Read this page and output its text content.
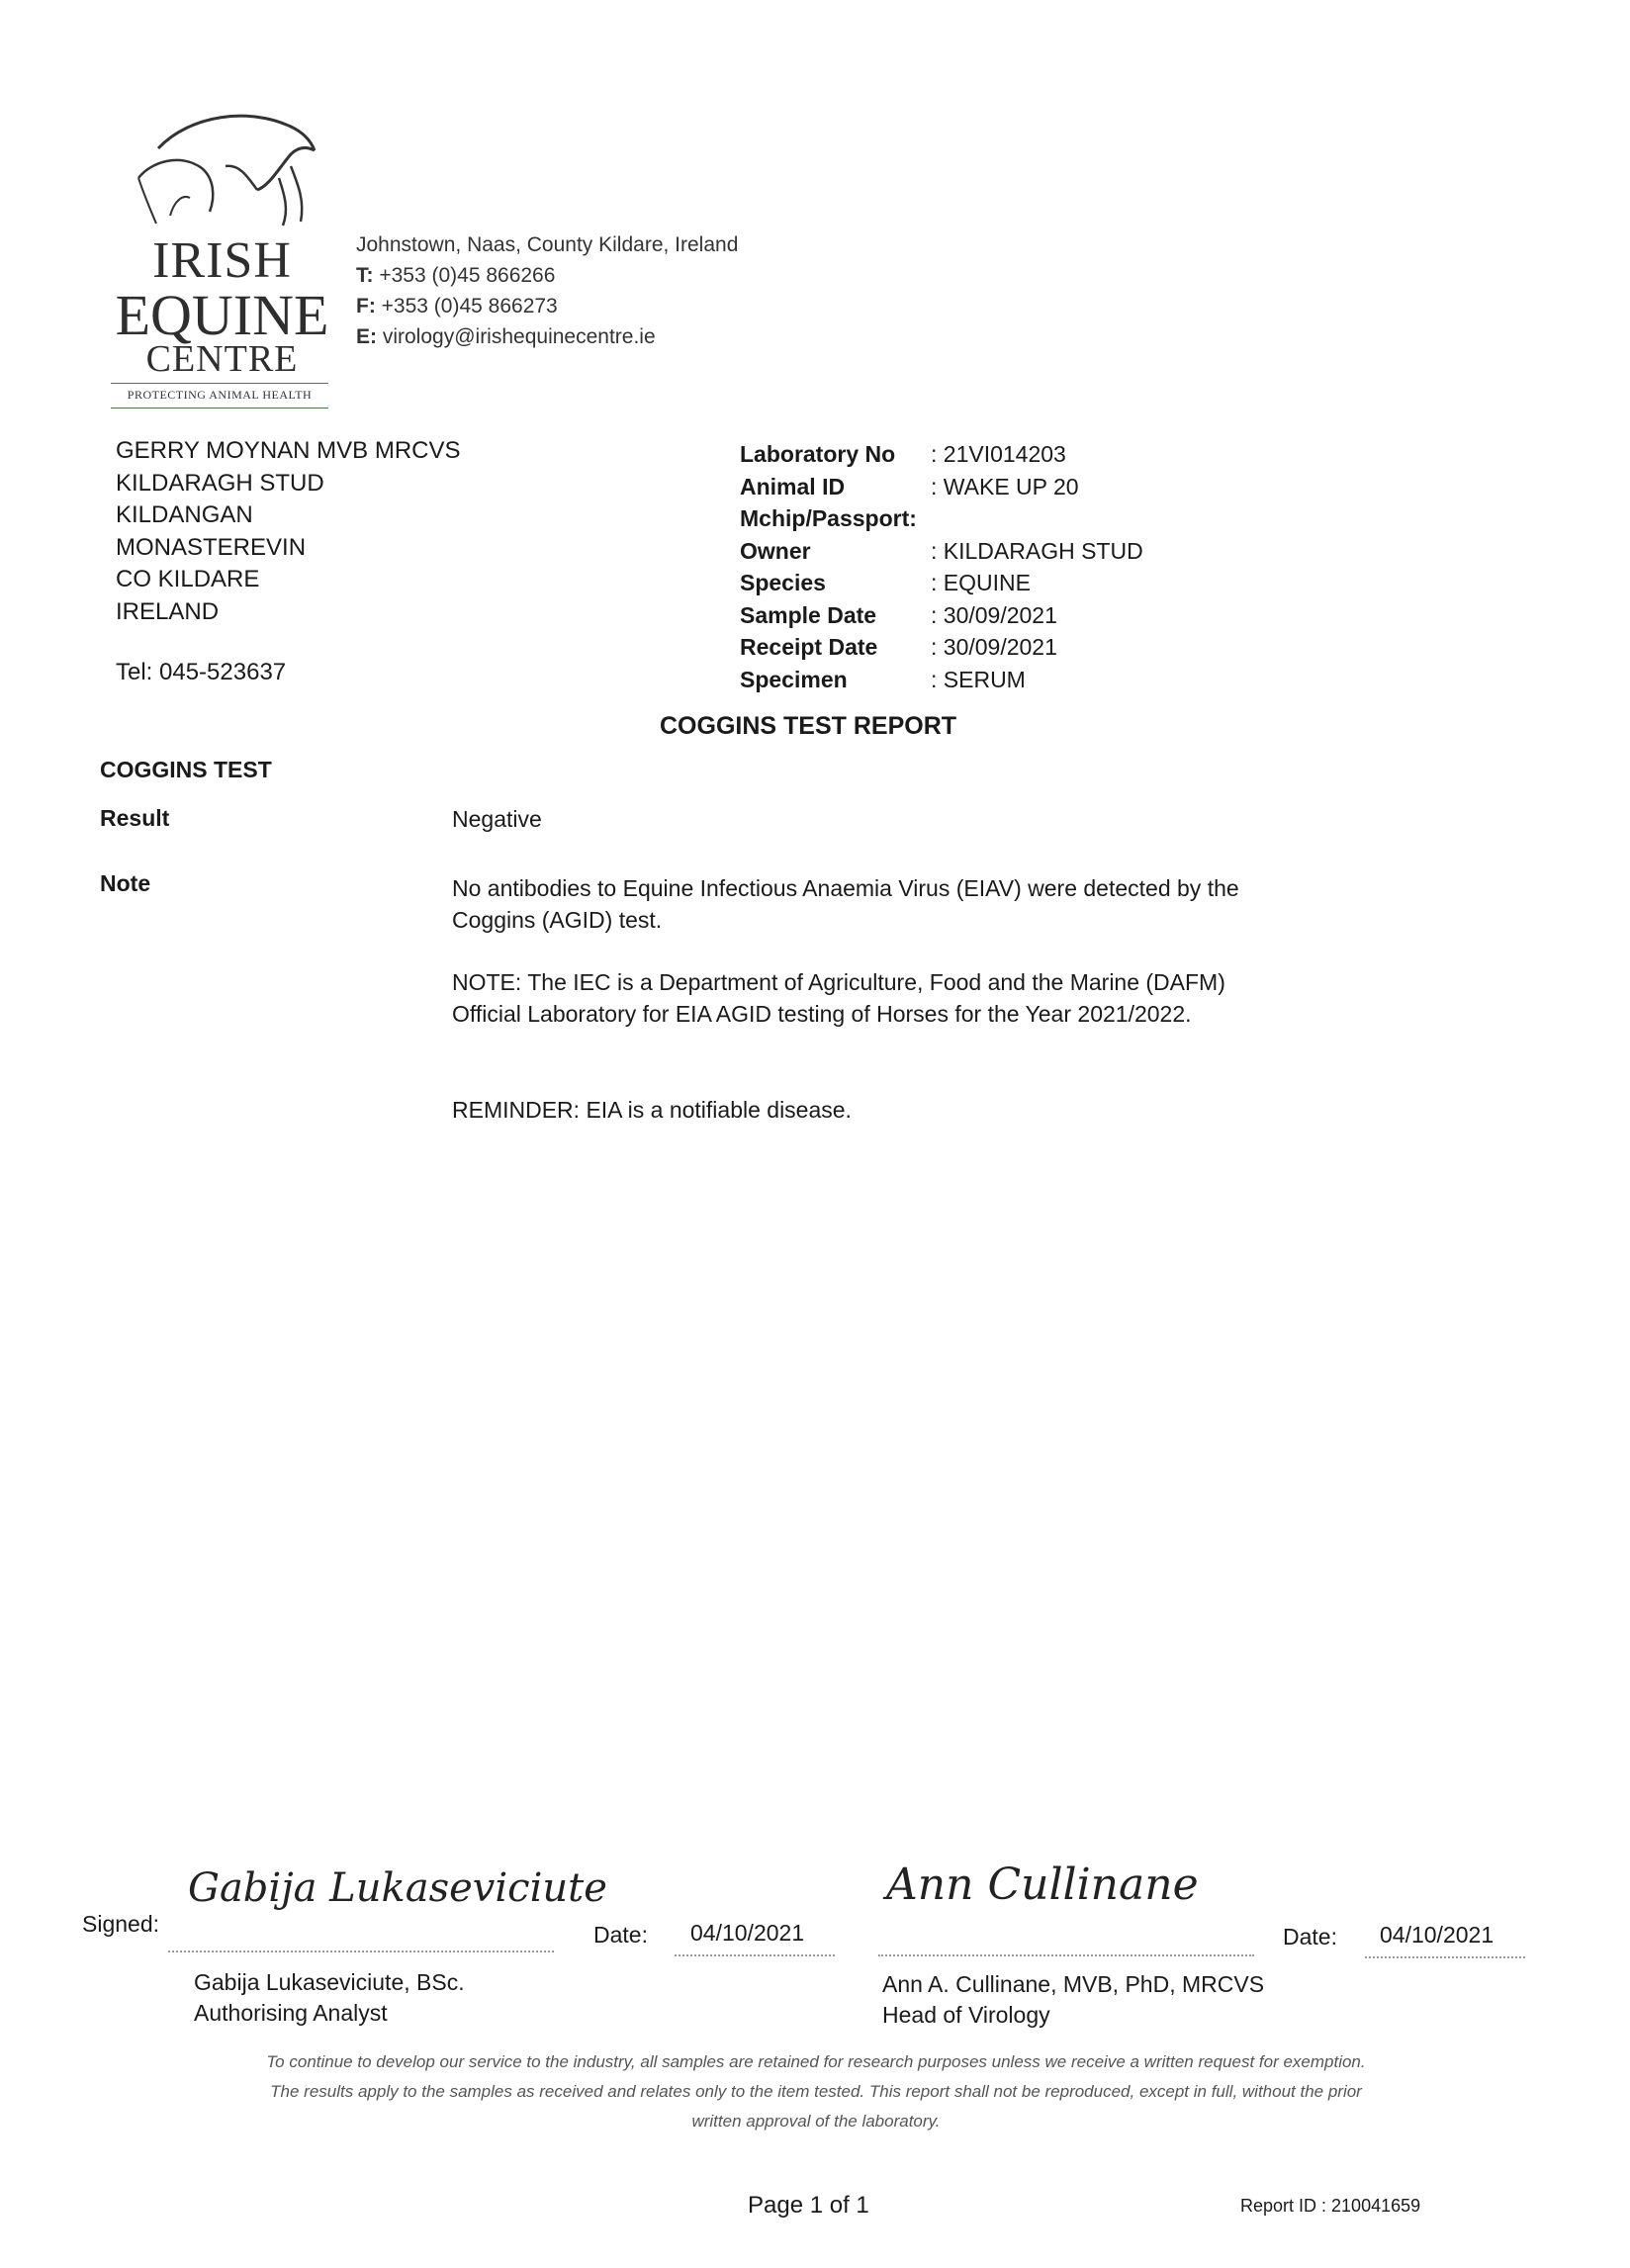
IRISH
EQUINE
CENTRE
PROTECTING ANIMAL HEALTH
Johnstown, Naas, County Kildare, Ireland
T: +353 (0)45 866266
F: +353 (0)45 866273
E: virology@irishequinecentre.ie
GERRY MOYNAN MVB MRCVS
KILDARAGH STUD
KILDANGAN
MONASTEREVIN
CO KILDARE
IRELAND
Tel: 045-523637
Laboratory No	: 21VI014203
Animal ID	: WAKE UP 20
Mchip/Passport:
Owner	: KILDARAGH STUD
Species	: EQUINE
Sample Date	: 30/09/2021
Receipt Date	: 30/09/2021
Specimen	: SERUM
COGGINS TEST REPORT
COGGINS TEST
Result	Negative
Note	No antibodies to Equine Infectious Anaemia Virus (EIAV) were detected by the Coggins (AGID) test.
NOTE: The IEC is a Department of Agriculture, Food and the Marine (DAFM) Official Laboratory for EIA AGID testing of Horses for the Year 2021/2022.
REMINDER: EIA is a notifiable disease.
Signed:
Gabija Lukaseviciute
Date: 04/10/2021
Ann Cullinane
Date: 04/10/2021
Gabija Lukaseviciute, BSc.
Authorising Analyst
Ann A. Cullinane, MVB, PhD, MRCVS
Head of Virology
To continue to develop our service to the industry, all samples are retained for research purposes unless we receive a written request for exemption.
The results apply to the samples as received and relates only to the item tested. This report shall not be reproduced, except in full, without the prior
written approval of the laboratory.
Page 1 of 1	Report ID : 210041659
